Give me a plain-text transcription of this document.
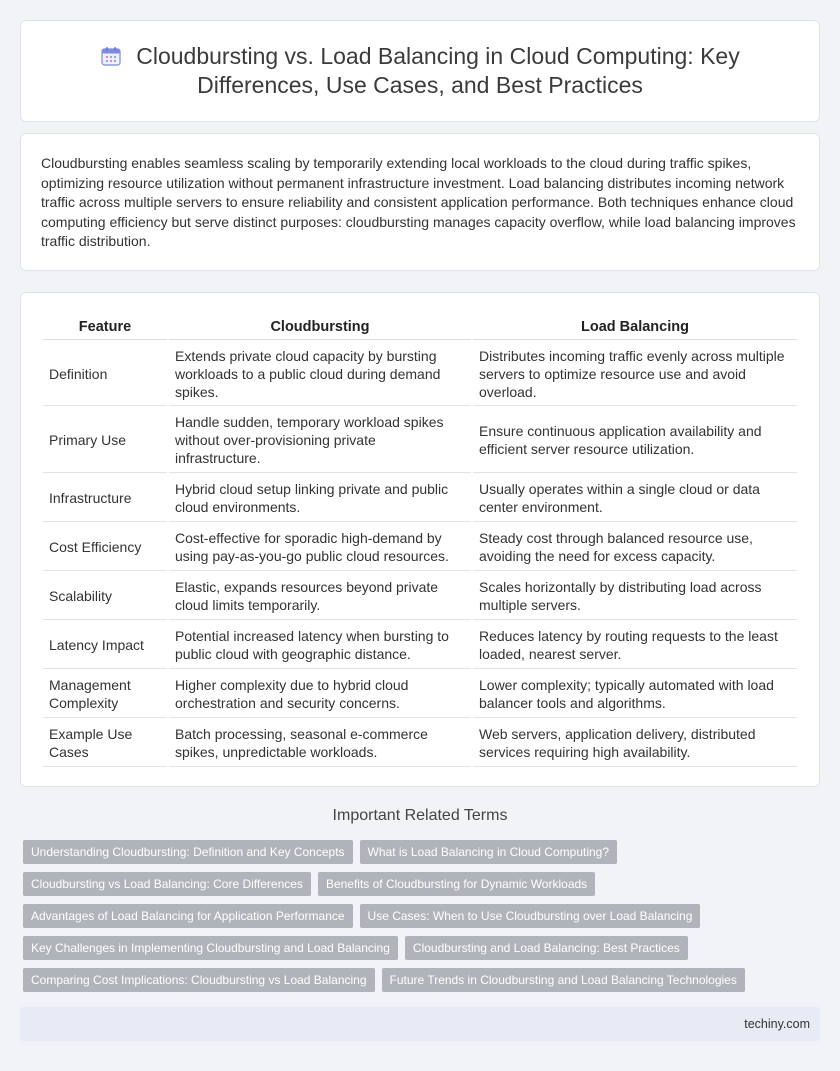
Cloudbursting vs. Load Balancing in Cloud Computing: Key Differences, Use Cases, and Best Practices

Cloudbursting enables seamless scaling by temporarily extending local workloads to the cloud during traffic spikes, optimizing resource utilization without permanent infrastructure investment. Load balancing distributes incoming network traffic across multiple servers to ensure reliability and consistent application performance. Both techniques enhance cloud computing efficiency but serve distinct purposes: cloudbursting manages capacity overflow, while load balancing improves traffic distribution.

Feature	Cloudbursting	Load Balancing
Definition	Extends private cloud capacity by bursting workloads to a public cloud during demand spikes.	Distributes incoming traffic evenly across multiple servers to optimize resource use and avoid overload.
Primary Use	Handle sudden, temporary workload spikes without over-provisioning private infrastructure.	Ensure continuous application availability and efficient server resource utilization.
Infrastructure	Hybrid cloud setup linking private and public cloud environments.	Usually operates within a single cloud or data center environment.
Cost Efficiency	Cost-effective for sporadic high-demand by using pay-as-you-go public cloud resources.	Steady cost through balanced resource use, avoiding the need for excess capacity.
Scalability	Elastic, expands resources beyond private cloud limits temporarily.	Scales horizontally by distributing load across multiple servers.
Latency Impact	Potential increased latency when bursting to public cloud with geographic distance.	Reduces latency by routing requests to the least loaded, nearest server.
Management Complexity	Higher complexity due to hybrid cloud orchestration and security concerns.	Lower complexity; typically automated with load balancer tools and algorithms.
Example Use Cases	Batch processing, seasonal e-commerce spikes, unpredictable workloads.	Web servers, application delivery, distributed services requiring high availability.
Important Related Terms
Understanding Cloudbursting: Definition and Key Concepts	What is Load Balancing in Cloud Computing?
Cloudbursting vs Load Balancing: Core Differences	Benefits of Cloudbursting for Dynamic Workloads
Advantages of Load Balancing for Application Performance	Use Cases: When to Use Cloudbursting over Load Balancing
Key Challenges in Implementing Cloudbursting and Load Balancing	Cloudbursting and Load Balancing: Best Practices
Comparing Cost Implications: Cloudbursting vs Load Balancing	Future Trends in Cloudbursting and Load Balancing Technologies
techiny.com
